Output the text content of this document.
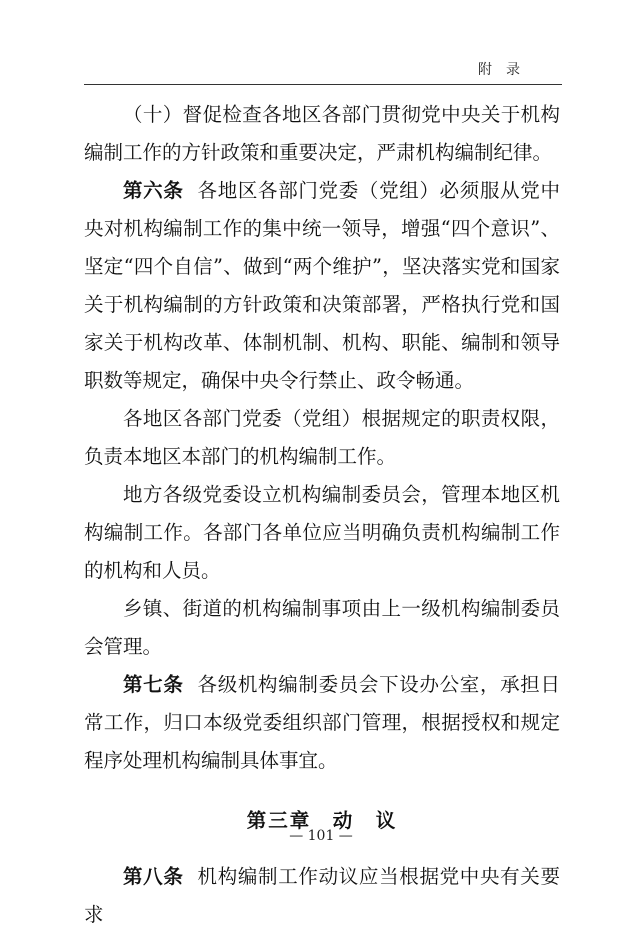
附录

（十）督促检查各地区各部门贯彻党中央关于机构编制工作的方针政策和重要决定，严肃机构编制纪律。

第六条 各地区各部门党委（党组）必须服从党中央对机构编制工作的集中统一领导，增强“四个意识”、坚定“四个自信”、做到“两个维护”，坚决落实党和国家关于机构编制的方针政策和决策部署，严格执行党和国家关于机构改革、体制机制、机构、职能、编制和领导职数等规定，确保中央令行禁止、政令畅通。

各地区各部门党委（党组）根据规定的职责权限，负责本地区本部门的机构编制工作。

地方各级党委设立机构编制委员会，管理本地区机构编制工作。各部门各单位应当明确负责机构编制工作的机构和人员。

乡镇、街道的机构编制事项由上一级机构编制委员会管理。

第七条 各级机构编制委员会下设办公室，承担日常工作，归口本级党委组织部门管理，根据授权和规定程序处理机构编制具体事宜。

第三章　动　议

第八条 机构编制工作动议应当根据党中央有关要求

— 101 —
